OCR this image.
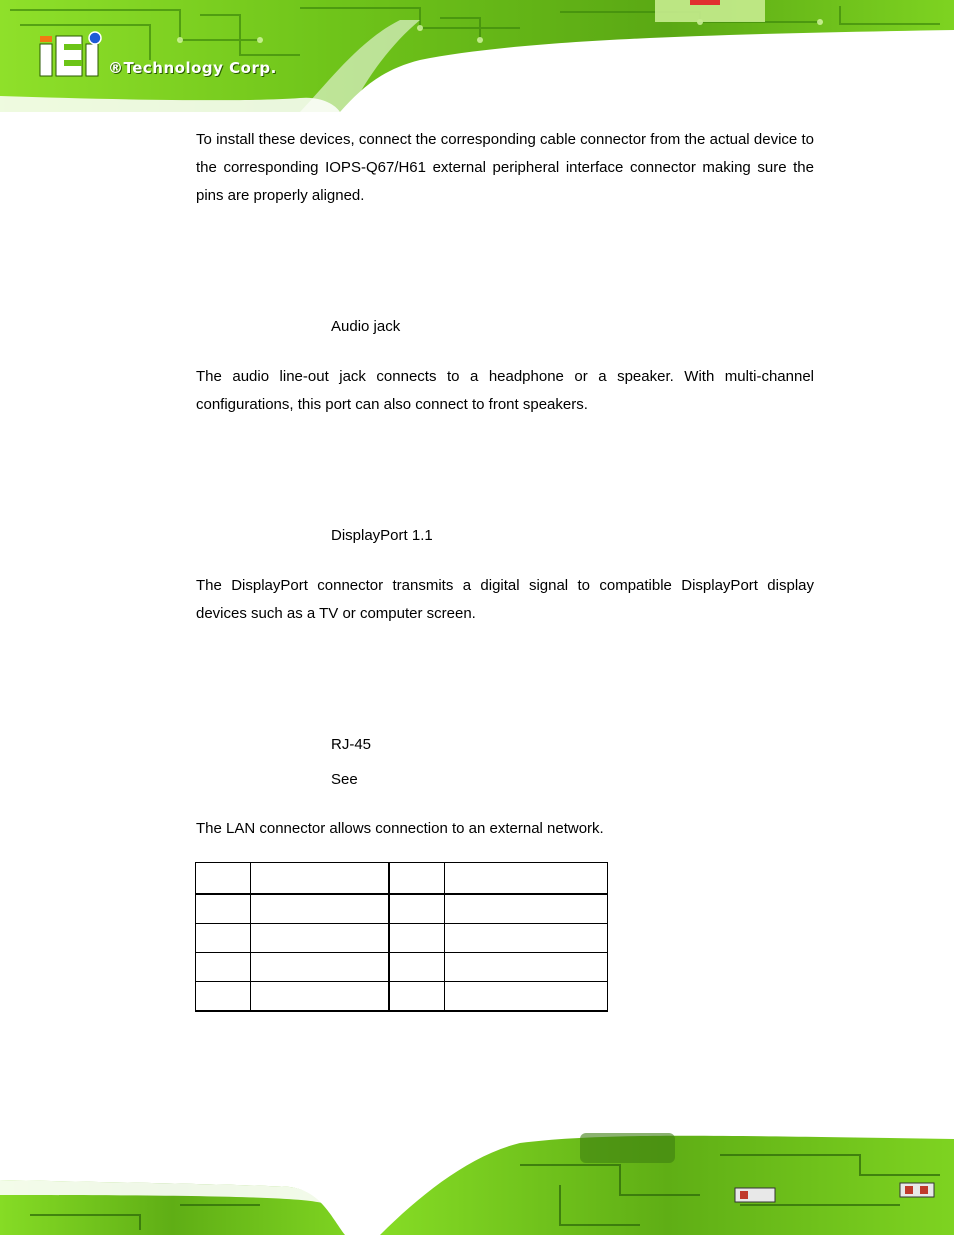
®Technology Corp.

To install these devices, connect the corresponding cable connector from the actual device to the corresponding IOPS-Q67/H61 external peripheral interface connector making sure the pins are properly aligned.

Audio jack

The audio line-out jack connects to a headphone or a speaker. With multi-channel configurations, this port can also connect to front speakers.

DisplayPort 1.1

The DisplayPort connector transmits a digital signal to compatible DisplayPort display devices such as a TV or computer screen.

RJ-45
See

The LAN connector allows connection to an external network.
